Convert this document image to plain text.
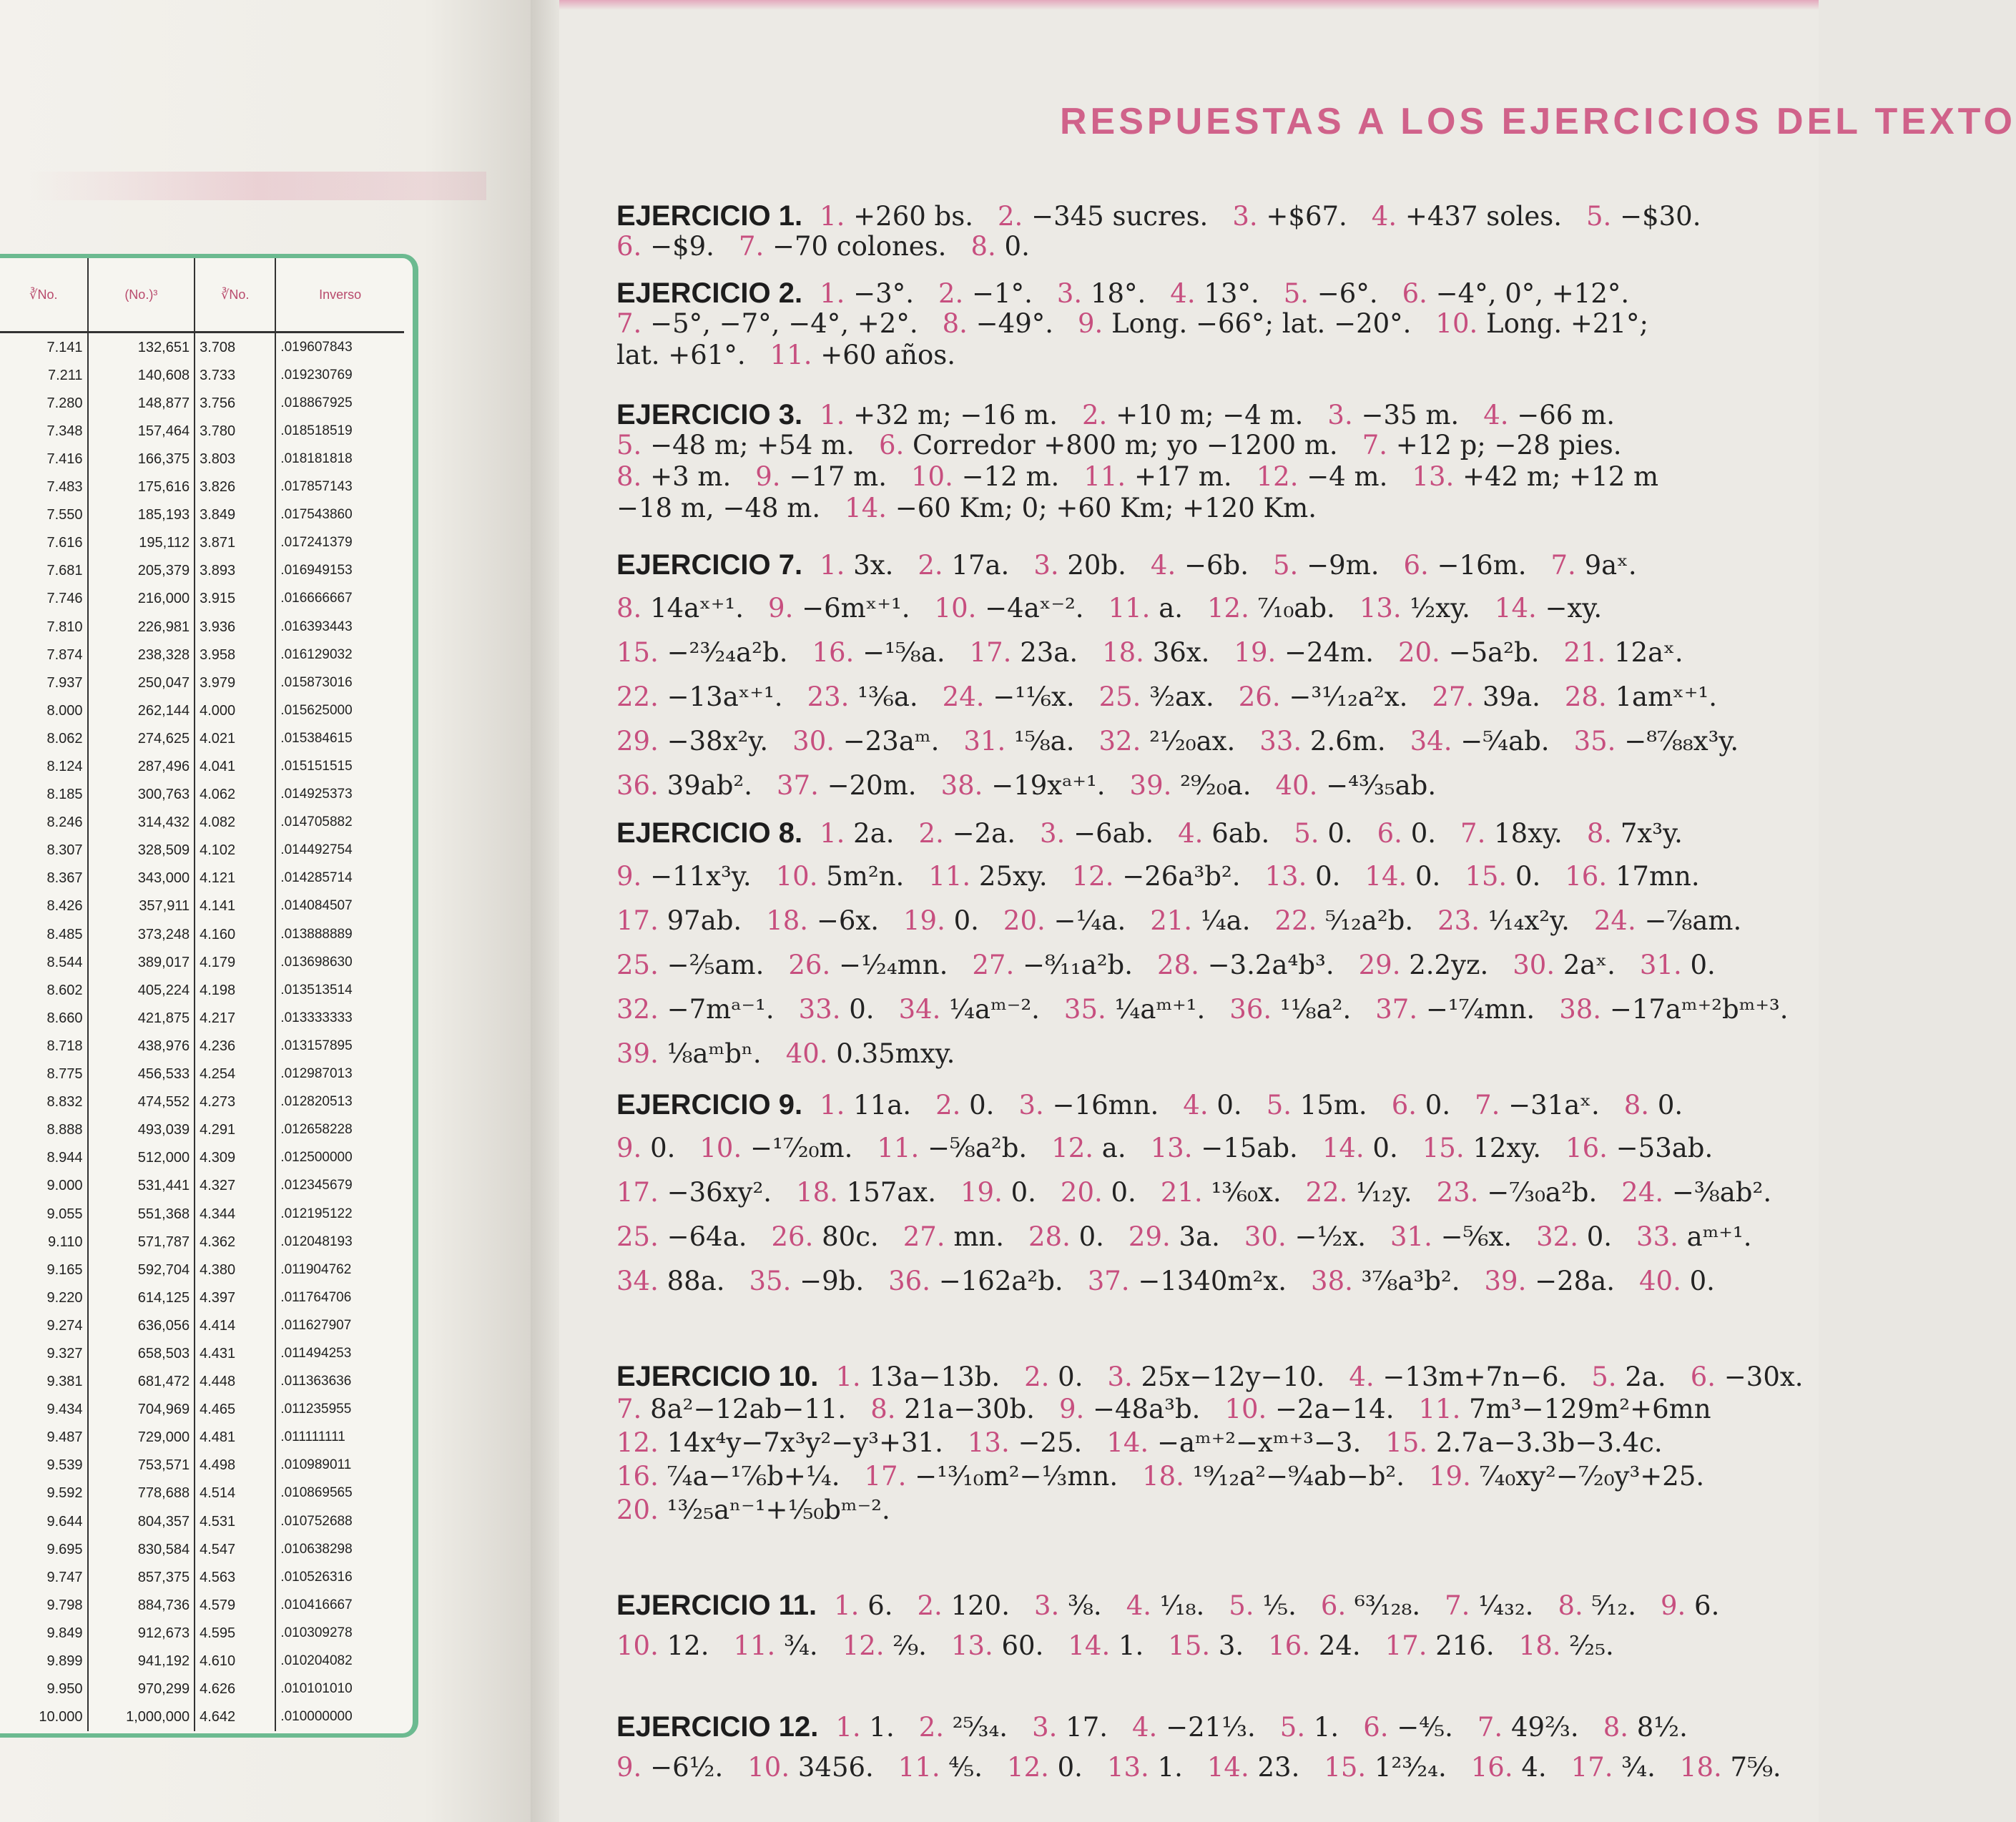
∛No.	(No.)³	∛No.	Inverso
7.141	132,651	3.708	.019607843
7.211	140,608	3.733	.019230769
7.280	148,877	3.756	.018867925
7.348	157,464	3.780	.018518519
7.416	166,375	3.803	.018181818
7.483	175,616	3.826	.017857143
7.550	185,193	3.849	.017543860
7.616	195,112	3.871	.017241379
7.681	205,379	3.893	.016949153
7.746	216,000	3.915	.016666667
7.810	226,981	3.936	.016393443
7.874	238,328	3.958	.016129032
7.937	250,047	3.979	.015873016
8.000	262,144	4.000	.015625000
8.062	274,625	4.021	.015384615
8.124	287,496	4.041	.015151515
8.185	300,763	4.062	.014925373
8.246	314,432	4.082	.014705882
8.307	328,509	4.102	.014492754
8.367	343,000	4.121	.014285714
8.426	357,911	4.141	.014084507
8.485	373,248	4.160	.013888889
8.544	389,017	4.179	.013698630
8.602	405,224	4.198	.013513514
8.660	421,875	4.217	.013333333
8.718	438,976	4.236	.013157895
8.775	456,533	4.254	.012987013
8.832	474,552	4.273	.012820513
8.888	493,039	4.291	.012658228
8.944	512,000	4.309	.012500000
9.000	531,441	4.327	.012345679
9.055	551,368	4.344	.012195122
9.110	571,787	4.362	.012048193
9.165	592,704	4.380	.011904762
9.220	614,125	4.397	.011764706
9.274	636,056	4.414	.011627907
9.327	658,503	4.431	.011494253
9.381	681,472	4.448	.011363636
9.434	704,969	4.465	.011235955
9.487	729,000	4.481	.011111111
9.539	753,571	4.498	.010989011
9.592	778,688	4.514	.010869565
9.644	804,357	4.531	.010752688
9.695	830,584	4.547	.010638298
9.747	857,375	4.563	.010526316
9.798	884,736	4.579	.010416667
9.849	912,673	4.595	.010309278
9.899	941,192	4.610	.010204082
9.950	970,299	4.626	.010101010
10.000	1,000,000	4.642	.010000000
RESPUESTAS A LOS EJERCICIOS DEL TEXTO
EJERCICIO 1. 1. +260 bs. 2. −345 sucres. 3. +$67. 4. +437 soles. 5. −$30.
6. −$9. 7. −70 colones. 8. 0.
EJERCICIO 2. 1. −3°. 2. −1°. 3. 18°. 4. 13°. 5. −6°. 6. −4°, 0°, +12°.
7. −5°, −7°, −4°, +2°. 8. −49°. 9. Long. −66°; lat. −20°. 10. Long. +21°;
lat. +61°. 11. +60 años.
EJERCICIO 3. 1. +32 m; −16 m. 2. +10 m; −4 m. 3. −35 m. 4. −66 m.
5. −48 m; +54 m. 6. Corredor +800 m; yo −1200 m. 7. +12 p; −28 pies.
8. +3 m. 9. −17 m. 10. −12 m. 11. +17 m. 12. −4 m. 13. +42 m; +12 m
−18 m, −48 m. 14. −60 Km; 0; +60 Km; +120 Km.
EJERCICIO 7. 1. 3x. 2. 17a. 3. 20b. 4. −6b. 5. −9m. 6. −16m. 7. 9aˣ.
8. 14aˣ⁺¹. 9. −6mˣ⁺¹. 10. −4aˣ⁻². 11. a. 12. ⁷⁄₁₀ab. 13. ½xy. 14. −xy.
15. −²³⁄₂₄a²b. 16. −¹⁵⁄₈a. 17. 23a. 18. 36x. 19. −24m. 20. −5a²b. 21. 12aˣ.
22. −13aˣ⁺¹. 23. ¹³⁄₆a. 24. −¹¹⁄₆x. 25. ³⁄₂ax. 26. −³¹⁄₁₂a²x. 27. 39a. 28. 1amˣ⁺¹.
29. −38x²y. 30. −23aᵐ. 31. ¹⁵⁄₈a. 32. ²¹⁄₂₀ax. 33. 2.6m. 34. −⁵⁄₄ab. 35. −⁸⁷⁄₈₈x³y.
36. 39ab². 37. −20m. 38. −19xᵃ⁺¹. 39. ²⁹⁄₂₀a. 40. −⁴³⁄₃₅ab.
EJERCICIO 8. 1. 2a. 2. −2a. 3. −6ab. 4. 6ab. 5. 0. 6. 0. 7. 18xy. 8. 7x³y.
9. −11x³y. 10. 5m²n. 11. 25xy. 12. −26a³b². 13. 0. 14. 0. 15. 0. 16. 17mn.
17. 97ab. 18. −6x. 19. 0. 20. −¼a. 21. ¼a. 22. ⁵⁄₁₂a²b. 23. ¹⁄₁₄x²y. 24. −⁷⁄₈am.
25. −⅖am. 26. −¹⁄₂₄mn. 27. −⁸⁄₁₁a²b. 28. −3.2a⁴b³. 29. 2.2yz. 30. 2aˣ. 31. 0.
32. −7mᵃ⁻¹. 33. 0. 34. ¼aᵐ⁻². 35. ¼aᵐ⁺¹. 36. ¹¹⁄₈a². 37. −¹⁷⁄₄mn. 38. −17aᵐ⁺²bᵐ⁺³.
39. ⅛aᵐbⁿ. 40. 0.35mxy.
EJERCICIO 9. 1. 11a. 2. 0. 3. −16mn. 4. 0. 5. 15m. 6. 0. 7. −31aˣ. 8. 0.
9. 0. 10. −¹⁷⁄₂₀m. 11. −⅝a²b. 12. a. 13. −15ab. 14. 0. 15. 12xy. 16. −53ab.
17. −36xy². 18. 157ax. 19. 0. 20. 0. 21. ¹³⁄₆₀x. 22. ¹⁄₁₂y. 23. −⁷⁄₃₀a²b. 24. −⅜ab².
25. −64a. 26. 80c. 27. mn. 28. 0. 29. 3a. 30. −½x. 31. −⅚x. 32. 0. 33. aᵐ⁺¹.
34. 88a. 35. −9b. 36. −162a²b. 37. −1340m²x. 38. ³⁷⁄₈a³b². 39. −28a. 40. 0.
EJERCICIO 10. 1. 13a−13b. 2. 0. 3. 25x−12y−10. 4. −13m+7n−6. 5. 2a. 6. −30x.
7. 8a²−12ab−11. 8. 21a−30b. 9. −48a³b. 10. −2a−14. 11. 7m³−129m²+6mn
12. 14x⁴y−7x³y²−y³+31. 13. −25. 14. −aᵐ⁺²−xᵐ⁺³−3. 15. 2.7a−3.3b−3.4c.
16. ⁷⁄₄a−¹⁷⁄₆b+¼. 17. −¹³⁄₁₀m²−⅓mn. 18. ¹⁹⁄₁₂a²−⁹⁄₄ab−b². 19. ⁷⁄₄₀xy²−⁷⁄₂₀y³+25.
20. ¹³⁄₂₅aⁿ⁻¹+¹⁄₅₀bᵐ⁻².
EJERCICIO 11. 1. 6. 2. 120. 3. ⅜. 4. ¹⁄₁₈. 5. ⅕. 6. ⁶³⁄₁₂₈. 7. ¹⁄₄₃₂. 8. ⁵⁄₁₂. 9. 6.
10. 12. 11. ¾. 12. ²⁄₉. 13. 60. 14. 1. 15. 3. 16. 24. 17. 216. 18. ²⁄₂₅.
EJERCICIO 12. 1. 1. 2. ²⁵⁄₃₄. 3. 17. 4. −21⅓. 5. 1. 6. −⅘. 7. 49⅔. 8. 8½.
9. −6½. 10. 3456. 11. ⅘. 12. 0. 13. 1. 14. 23. 15. 1²³⁄₂₄. 16. 4. 17. ¾. 18. 7⁵⁄₉.
